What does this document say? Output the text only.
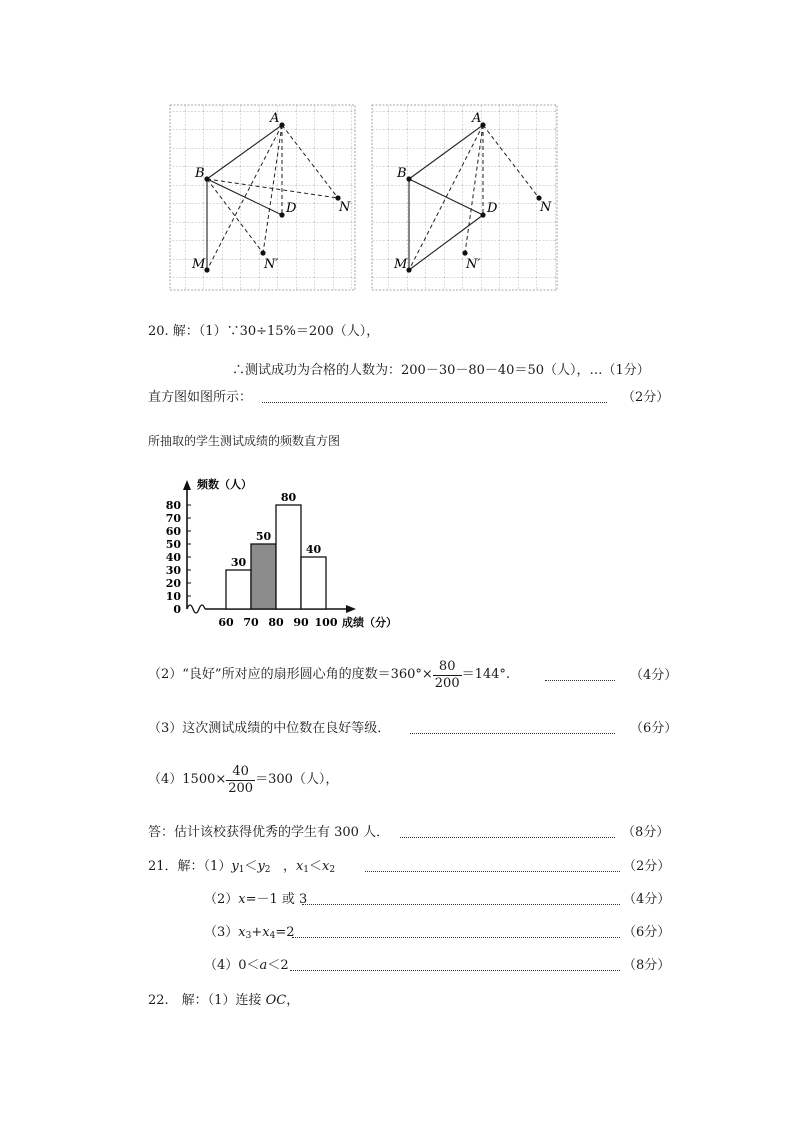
A
B
D	N
M	N′
A
B
D	N
M	N′
20. 解：（1）∵30÷15%＝200（人），
∴测试成功为合格的人数为：200－30－80－40＝50（人），…（1分）
直方图如图所示：	（2分）
所抽取的学生测试成绩的频数直方图
0
10
20
30
40
50
60
70
80
60 70 80 90 100
频数（人）
成绩（分）
30
50
80
40
（2）“良好”所对应的扇形圆心角的度数$=360^\circ\times \frac{80}{200} =144^\circ$.	（4分）
（3）这次测试成绩的中位数在良好等级．	（6分）
$(4)1500\times \frac{40}{200} =300$（人），
答：估计该校获得优秀的学生有 300 人．	（8分）
21．解：（1）y1＜y2 ，x1＜x2	（2分）
（2）x=－1 或 3	（4分）
（3）x3+x4=2	（6分）
（4）0＜a＜2	（8分）
22.　解：（1）连接 OC，
